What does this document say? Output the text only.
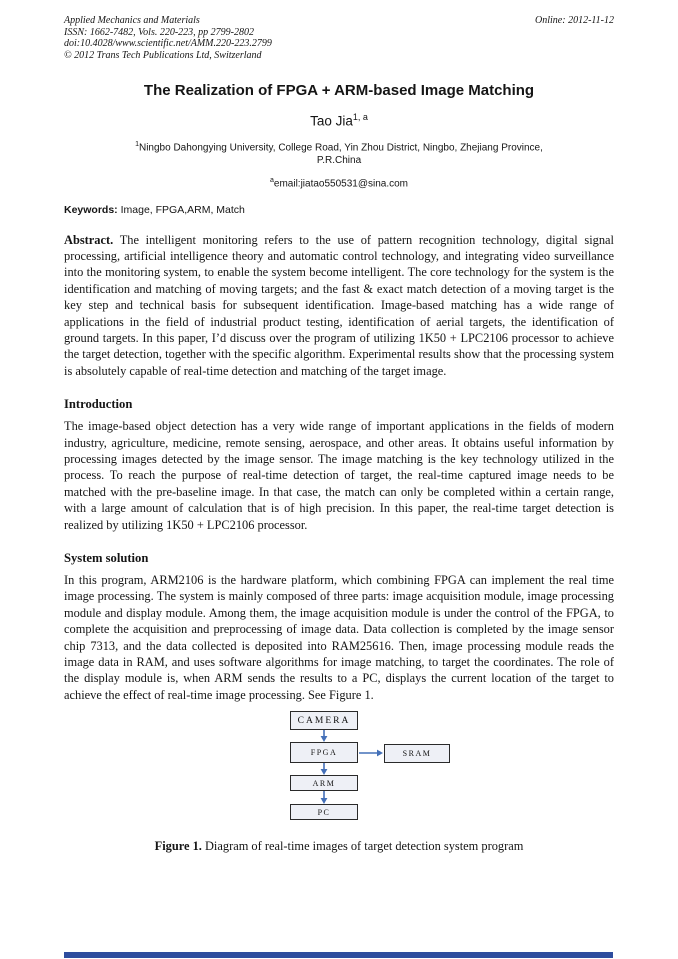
Applied Mechanics and Materials
ISSN: 1662-7482, Vols. 220-223, pp 2799-2802
doi:10.4028/www.scientific.net/AMM.220-223.2799
© 2012 Trans Tech Publications Ltd, Switzerland
Online: 2012-11-12
The Realization of FPGA + ARM-based Image Matching
Tao Jia$^{1, a}$
$^1$Ningbo Dahongying University, College Road, Yin Zhou District, Ningbo, Zhejiang Province,
P.R.China
$^a$email:jiatao550531@sina.com
Keywords: Image, FPGA,ARM, Match

Abstract. The intelligent monitoring refers to the use of pattern recognition technology, digital signal processing, artificial intelligence theory and automatic control technology, and integrating video surveillance into the monitoring system, to enable the system become intelligent. The core technology for the system is the identification and matching of moving targets; and the fast & exact match detection of a moving target is the key step and technical basis for subsequent identification. Image-based matching has a wide range of applications in the field of industrial product testing, identification of aerial targets, the identification of ground targets. In this paper, I’d discuss over the program of utilizing 1K50 + LPC2106 processor to achieve the target detection, together with the specific algorithm. Experimental results show that the processing system is absolutely capable of real-time detection and matching of the target image.

Introduction

The image-based object detection has a very wide range of important applications in the fields of modern industry, agriculture, medicine, remote sensing, aerospace, and other areas. It obtains useful information by processing images detected by the image sensor. The image matching is the key technology utilized in the process. To reach the purpose of real-time detection of target, the real-time captured image needs to be matched with the pre-baseline image. In that case, the match can only be completed within a certain range, with a large amount of calculation that is of high precision. In this paper, the real-time target detection is realized by utilizing 1K50 + LPC2106 processor.

System solution

In this program, ARM2106 is the hardware platform, which combining FPGA can implement the real time image processing. The system is mainly composed of three parts: image acquisition module, image processing module and display module. Among them, the image acquisition module is under the control of the FPGA, to complete the acquisition and preprocessing of image data. Data collection is completed by the image sensor chip 7313, and the data collected is deposited into RAM25616. Then, image processing module reads the image data in RAM, and uses software algorithms for image matching, to target the coordinates. The role of the display module is, when ARM sends the results to a PC, displays the current location of the target to achieve the effect of real-time image processing. See Figure 1.

CAMERA
FPGA	SRAM
ARM
PC
Figure 1. Diagram of real-time images of target detection system program
